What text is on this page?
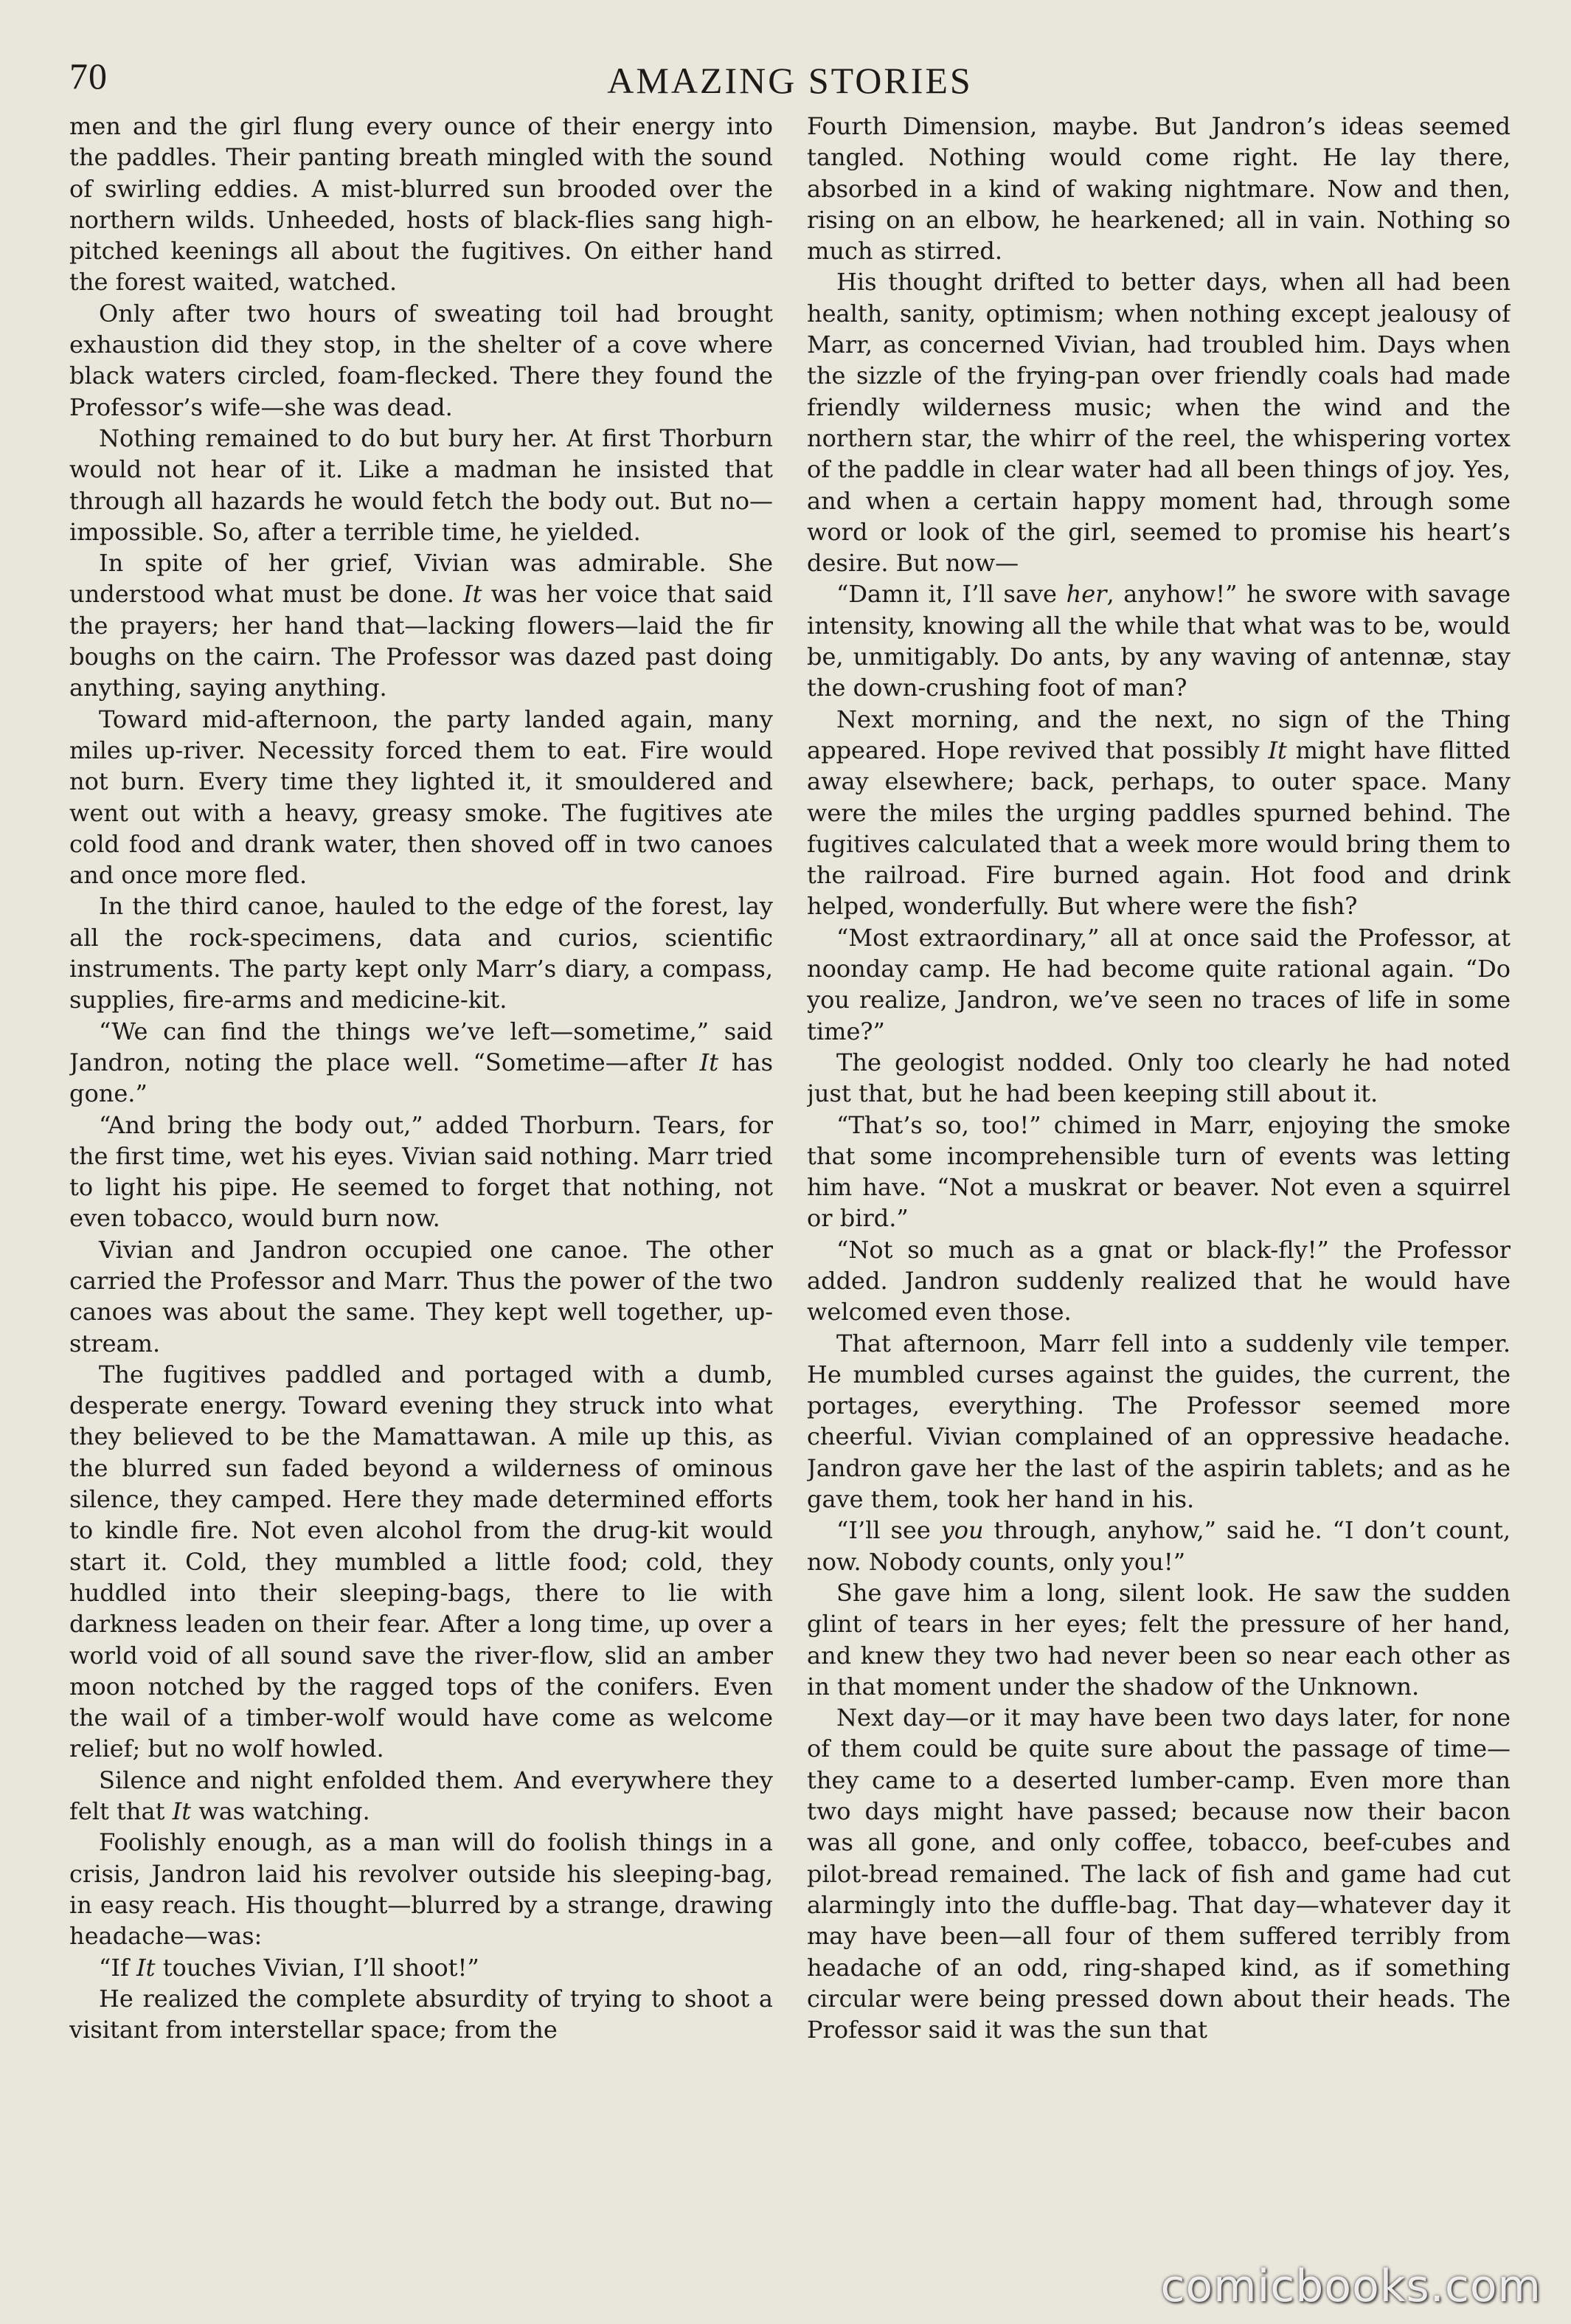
70	AMAZING STORIES

men and the girl flung every ounce of their energy into the paddles. Their panting breath mingled with the sound of swirling eddies. A mist-blurred sun brooded over the northern wilds. Unheeded, hosts of black-flies sang high-pitched keenings all about the fugitives. On either hand the forest waited, watched.

Only after two hours of sweating toil had brought exhaustion did they stop, in the shelter of a cove where black waters circled, foam-flecked. There they found the Professor’s wife—she was dead.

Nothing remained to do but bury her. At first Thorburn would not hear of it. Like a madman he insisted that through all hazards he would fetch the body out. But no—impossible. So, after a terrible time, he yielded.

In spite of her grief, Vivian was admirable. She understood what must be done. It was her voice that said the prayers; her hand that—lacking flowers—laid the fir boughs on the cairn. The Professor was dazed past doing anything, saying anything.

Toward mid-afternoon, the party landed again, many miles up-river. Necessity forced them to eat. Fire would not burn. Every time they lighted it, it smouldered and went out with a heavy, greasy smoke. The fugitives ate cold food and drank water, then shoved off in two canoes and once more fled.

In the third canoe, hauled to the edge of the forest, lay all the rock-specimens, data and curios, scientific instruments. The party kept only Marr’s diary, a compass, supplies, fire-arms and medicine-kit.

“We can find the things we’ve left—sometime,” said Jandron, noting the place well. “Sometime—after It has gone.”

“And bring the body out,” added Thorburn. Tears, for the first time, wet his eyes. Vivian said nothing. Marr tried to light his pipe. He seemed to forget that nothing, not even tobacco, would burn now.

Vivian and Jandron occupied one canoe. The other carried the Professor and Marr. Thus the power of the two canoes was about the same. They kept well together, up-stream.

The fugitives paddled and portaged with a dumb, desperate energy. Toward evening they struck into what they believed to be the Mamattawan. A mile up this, as the blurred sun faded beyond a wilderness of ominous silence, they camped. Here they made determined efforts to kindle fire. Not even alcohol from the drug-kit would start it. Cold, they mumbled a little food; cold, they huddled into their sleeping-bags, there to lie with darkness leaden on their fear. After a long time, up over a world void of all sound save the river-flow, slid an amber moon notched by the ragged tops of the conifers. Even the wail of a timber-wolf would have come as welcome relief; but no wolf howled.

Silence and night enfolded them. And everywhere they felt that It was watching.

Foolishly enough, as a man will do foolish things in a crisis, Jandron laid his revolver outside his sleeping-bag, in easy reach. His thought—blurred by a strange, drawing headache—was:

“If It touches Vivian, I’ll shoot!”

He realized the complete absurdity of trying to shoot a visitant from interstellar space; from the

Fourth Dimension, maybe. But Jandron’s ideas seemed tangled. Nothing would come right. He lay there, absorbed in a kind of waking nightmare. Now and then, rising on an elbow, he hearkened; all in vain. Nothing so much as stirred.

His thought drifted to better days, when all had been health, sanity, optimism; when nothing except jealousy of Marr, as concerned Vivian, had troubled him. Days when the sizzle of the frying-pan over friendly coals had made friendly wilderness music; when the wind and the northern star, the whirr of the reel, the whispering vortex of the paddle in clear water had all been things of joy. Yes, and when a certain happy moment had, through some word or look of the girl, seemed to promise his heart’s desire. But now—

“Damn it, I’ll save her, anyhow!” he swore with savage intensity, knowing all the while that what was to be, would be, unmitigably. Do ants, by any waving of antennæ, stay the down-crushing foot of man?

Next morning, and the next, no sign of the Thing appeared. Hope revived that possibly It might have flitted away elsewhere; back, perhaps, to outer space. Many were the miles the urging paddles spurned behind. The fugitives calculated that a week more would bring them to the railroad. Fire burned again. Hot food and drink helped, wonderfully. But where were the fish?

“Most extraordinary,” all at once said the Professor, at noonday camp. He had become quite rational again. “Do you realize, Jandron, we’ve seen no traces of life in some time?”

The geologist nodded. Only too clearly he had noted just that, but he had been keeping still about it.

“That’s so, too!” chimed in Marr, enjoying the smoke that some incomprehensible turn of events was letting him have. “Not a muskrat or beaver. Not even a squirrel or bird.”

“Not so much as a gnat or black-fly!” the Professor added. Jandron suddenly realized that he would have welcomed even those.

That afternoon, Marr fell into a suddenly vile temper. He mumbled curses against the guides, the current, the portages, everything. The Professor seemed more cheerful. Vivian complained of an oppressive headache. Jandron gave her the last of the aspirin tablets; and as he gave them, took her hand in his.

“I’ll see you through, anyhow,” said he. “I don’t count, now. Nobody counts, only you!”

She gave him a long, silent look. He saw the sudden glint of tears in her eyes; felt the pressure of her hand, and knew they two had never been so near each other as in that moment under the shadow of the Unknown.

Next day—or it may have been two days later, for none of them could be quite sure about the passage of time—they came to a deserted lumber-camp. Even more than two days might have passed; because now their bacon was all gone, and only coffee, tobacco, beef-cubes and pilot-bread remained. The lack of fish and game had cut alarmingly into the duffle-bag. That day—whatever day it may have been—all four of them suffered terribly from headache of an odd, ring-shaped kind, as if something circular were being pressed down about their heads. The Professor said it was the sun that

comicbooks.com
